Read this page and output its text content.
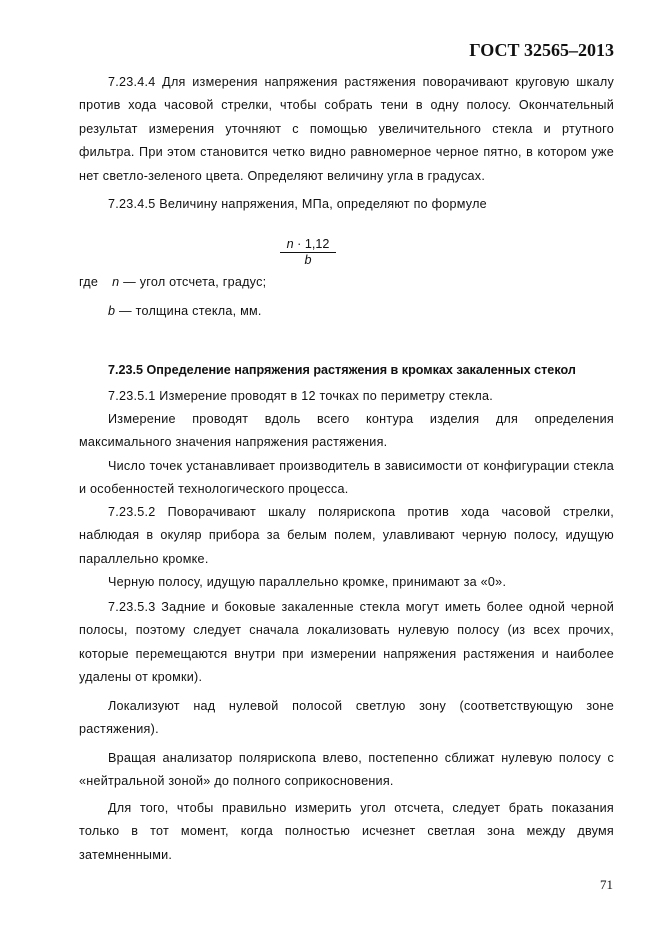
ГОСТ 32565–2013

7.23.4.4 Для измерения напряжения растяжения поворачивают круговую шкалу против хода часовой стрелки, чтобы собрать тени в одну полосу. Окончательный результат измерения уточняют с помощью увеличительного стекла и ртутного фильтра. При этом становится четко видно равномерное черное пятно, в котором уже нет светло-зеленого цвета. Определяют величину угла в градусах.

7.23.4.5 Величину напряжения, МПа, определяют по формуле

n · 1,12
b

где n — угол отсчета, градус;

b — толщина стекла, мм.

7.23.5 Определение напряжения растяжения в кромках закаленных стекол

7.23.5.1 Измерение проводят в 12 точках по периметру стекла.

Измерение проводят вдоль всего контура изделия для определения максимального значения напряжения растяжения.

Число точек устанавливает производитель в зависимости от конфигурации стекла и особенностей технологического процесса.

7.23.5.2 Поворачивают шкалу полярископа против хода часовой стрелки, наблюдая в окуляр прибора за белым полем, улавливают черную полосу, идущую параллельно кромке.

Черную полосу, идущую параллельно кромке, принимают за «0».

7.23.5.3 Задние и боковые закаленные стекла могут иметь более одной черной полосы, поэтому следует сначала локализовать нулевую полосу (из всех прочих, которые перемещаются внутри при измерении напряжения растяжения и наиболее удалены от кромки).

Локализуют над нулевой полосой светлую зону (соответствующую зоне растяжения).

Вращая анализатор полярископа влево, постепенно сближат нулевую полосу с «нейтральной зоной» до полного соприкосновения.

Для того, чтобы правильно измерить угол отсчета, следует брать показания только в тот момент, когда полностью исчезнет светлая зона между двумя затемненными.

71
